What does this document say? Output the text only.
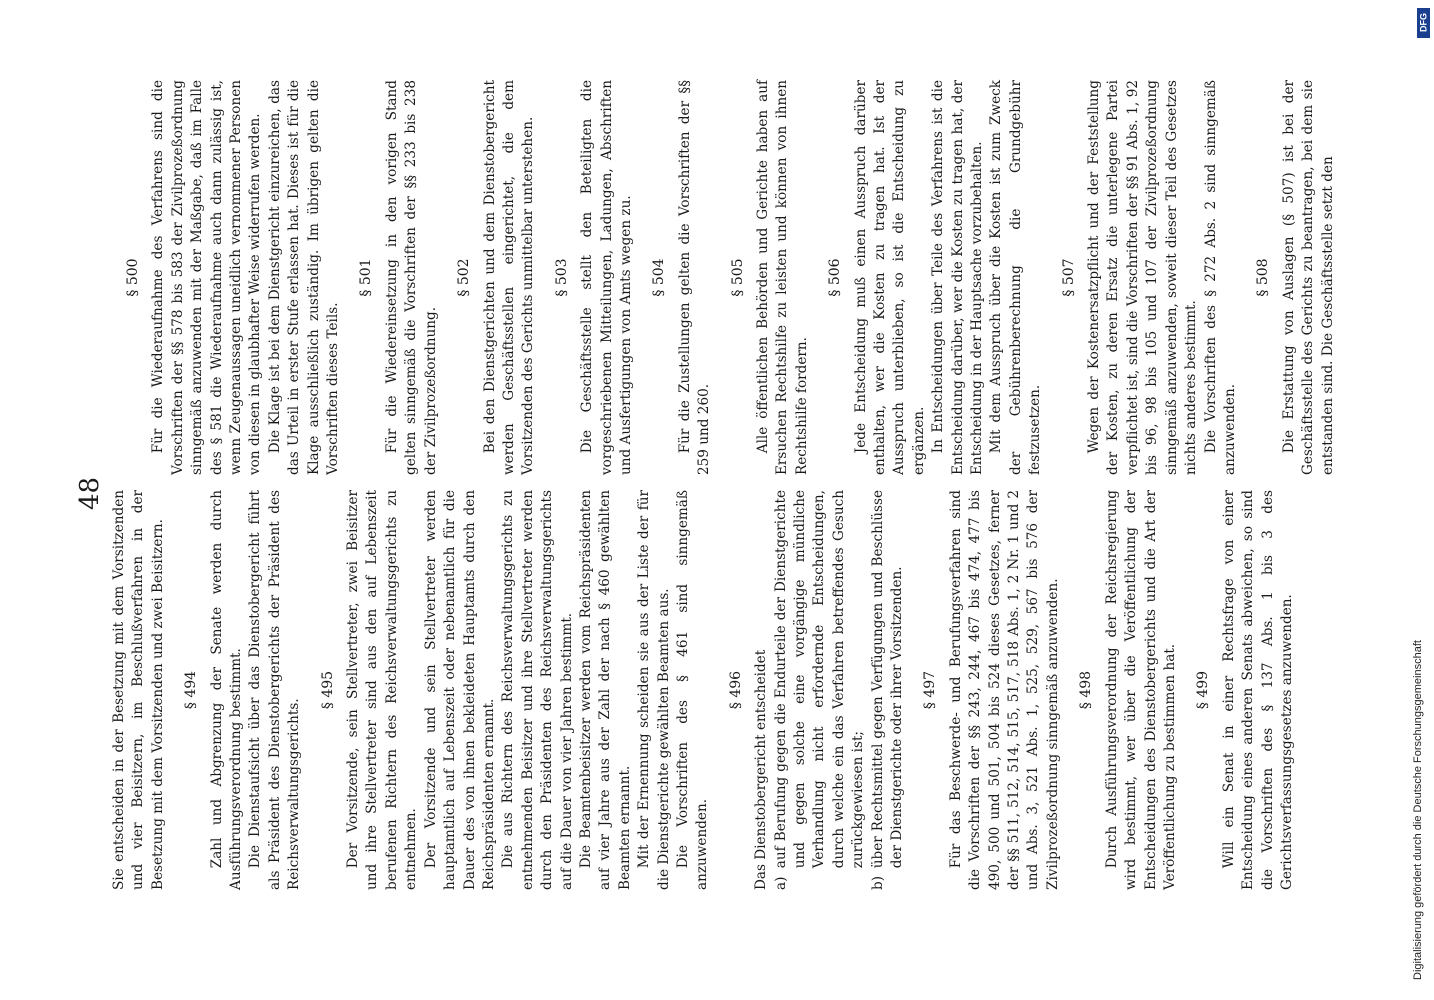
48 Sie entscheiden in der Besetzung mit dem Vorsitzenden und vier Beisitzern, im Beschlußverfahren in der Besetzung mit dem Vorsitzenden und zwei Beisitzern. § 494 Zahl und Abgrenzung der Senate werden durch Ausführungsverordnung bestimmt. Die Dienstaufsicht über das Dienstobergericht führt als Präsident des Dienstobergerichts der Präsident des Reichsverwaltungsgerichts.

§ 495 Der Vorsitzende, sein Stellvertreter, zwei Beisitzer und ihre Stellvertreter sind aus den auf Lebenszeit berufenen Richtern des Reichsverwaltungsgerichts zu entnehmen. Der Vorsitzende und sein Stellvertreter werden hauptamtlich auf Lebenszeit oder nebenamtlich für die Dauer des von ihnen bekleideten Hauptamts durch den Reichspräsidenten ernannt. Die aus Richtern des Reichsverwaltungsgerichts zu entnehmenden Beisitzer und ihre Stellvertreter werden durch den Präsidenten des Reichsverwaltungsgerichts auf die Dauer von vier Jahren bestimmt. Die Beamtenbeisitzer werden vom Reichspräsidenten auf vier Jahre aus der Zahl der nach § 460 gewählten Beamten ernannt. Mit der Ernennung scheiden sie aus der Liste der für die Dienstgerichte gewählten Beamten aus. Die Vorschriften des § 461 sind sinngemäß anzuwenden.

§ 496 Das Dienstobergericht entscheidet a)auf Berufung gegen die Endurteile der Dienstgerichte und gegen solche eine vorgängige mündliche Verhandlung nicht erfordernde Entscheidungen, durch welche ein das Verfahren betreffendes Gesuch zurückgewiesen ist;
b)über Rechtsmittel gegen Verfügungen und Beschlüsse der Dienstgerichte oder ihrer Vorsitzenden. § 497 Für das Beschwerde- und Berufungsverfahren sind die Vorschriften der §§ 243, 244, 467 bis 474, 477 bis 490, 500 und 501, 504 bis 524 dieses Gesetzes, ferner der §§ 511, 512, 514, 515, 517, 518 Abs. 1, 2 Nr. 1 und 2 und Abs. 3, 521 Abs. 1, 525, 529, 567 bis 576 der Zivilprozeßordnung sinngemäß anzuwenden. § 498 Durch Ausführungsverordnung der Reichsregierung wird bestimmt, wer über die Veröffentlichung der Entscheidungen des Dienstobergerichts und die Art der Veröffentlichung zu bestimmen hat. § 499 Will ein Senat in einer Rechtsfrage von einer Entscheidung eines anderen Senats abweichen, so sind die Vorschriften des § 137 Abs. 1 bis 3 des Gerichtsverfassungsgesetzes anzuwenden.

§ 500 Für die Wiederaufnahme des Verfahrens sind die Vorschriften der §§ 578 bis 583 der Zivilprozeßordnung sinngemäß anzuwenden mit der Maßgabe, daß im Falle des § 581 die Wiederaufnahme auch dann zulässig ist, wenn Zeugenaussagen uneidlich vernommener Personen von diesen in glaubhafter Weise widerrufen werden. Die Klage ist bei dem Dienstgericht einzureichen, das das Urteil in erster Stufe erlassen hat. Dieses ist für die Klage ausschließlich zuständig. Im übrigen gelten die Vorschriften dieses Teils.

§ 501 Für die Wiedereinsetzung in den vorigen Stand gelten sinngemäß die Vorschriften der §§ 233 bis 238 der Zivilprozeßordnung.

§ 502 Bei den Dienstgerichten und dem Dienstobergericht werden Geschäftsstellen eingerichtet, die dem Vorsitzenden des Gerichts unmittelbar unterstehen. § 503 Die Geschäftsstelle stellt den Beteiligten die vorgeschriebenen Mitteilungen, Ladungen, Abschriften und Ausfertigungen von Amts wegen zu. § 504 Für die Zustellungen gelten die Vorschriften der §§ 259 und 260.

§ 505 Alle öffentlichen Behörden und Gerichte haben auf Ersuchen Rechtshilfe zu leisten und können von ihnen Rechtshilfe fordern.

§ 506 Jede Entscheidung muß einen Ausspruch darüber enthalten, wer die Kosten zu tragen hat. Ist der Ausspruch unterblieben, so ist die Entscheidung zu ergänzen. In Entscheidungen über Teile des Verfahrens ist die Entscheidung darüber, wer die Kosten zu tragen hat, der Entscheidung in der Hauptsache vorzubehalten. Mit dem Ausspruch über die Kosten ist zum Zweck der Gebührenberechnung die Grundgebühr festzusetzen.

§ 507 Wegen der Kostenersatzpflicht und der Feststellung der Kosten, zu deren Ersatz die unterlegene Partei verpflichtet ist, sind die Vorschriften der §§ 91 Abs. 1, 92 bis 96, 98 bis 105 und 107 der Zivilprozeßordnung sinngemäß anzuwenden, soweit dieser Teil des Gesetzes nichts anderes bestimmt. Die Vorschriften des § 272 Abs. 2 sind sinngemäß anzuwenden.

§ 508 Die Erstattung von Auslagen (§ 507) ist bei der Geschäftsstelle des Gerichts zu beantragen, bei dem sie entstanden sind. Die Geschäftsstelle setzt den

Digitalisierung gefördert durch die Deutsche Forschungsgemeinschaft
DFG
